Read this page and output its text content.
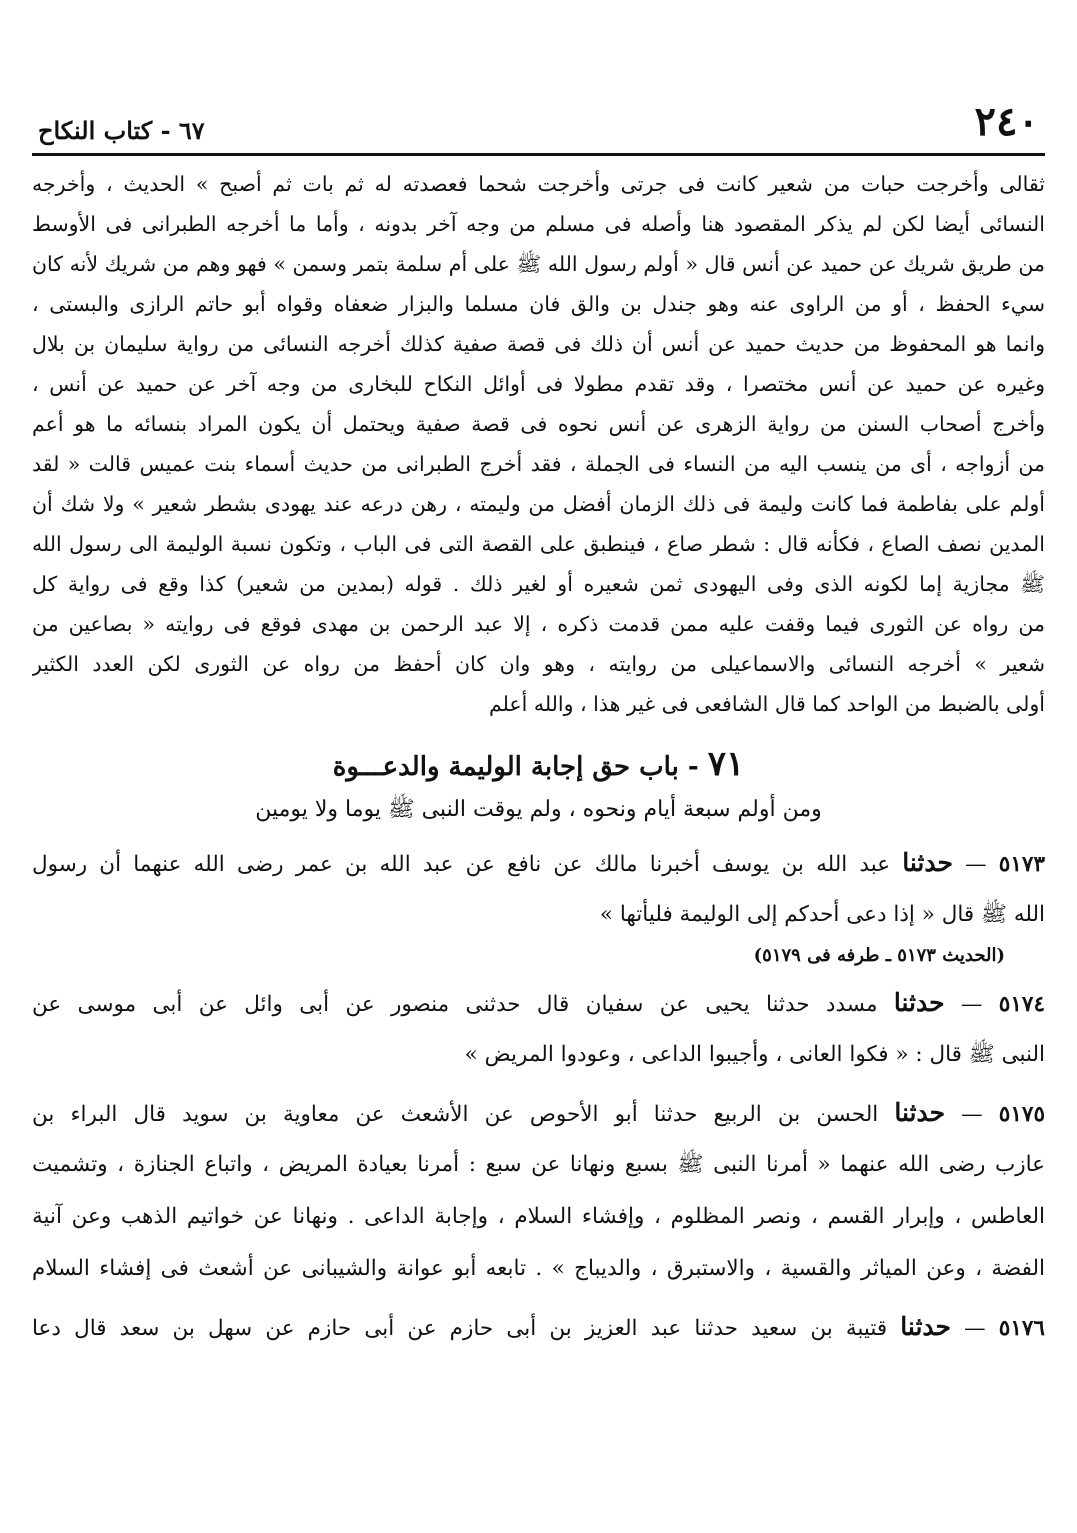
٢٤٠
٦٧ - كتاب النكاح
ثقالى وأخرجت حبات من شعير كانت فى جرتى وأخرجت شحما فعصدته له ثم بات ثم أصبح » الحديث ، وأخرجه
النسائى أيضا لكن لم يذكر المقصود هنا وأصله فى مسلم من وجه آخر بدونه ، وأما ما أخرجه الطبرانى فى الأوسط
من طريق شريك عن حميد عن أنس قال « أولم رسول الله ﷺ على أم سلمة بتمر وسمن » فهو وهم من شريك لأنه كان
سيء الحفظ ، أو من الراوى عنه وهو جندل بن والق فان مسلما والبزار ضعفاه وقواه أبو حاتم الرازى والبستى ،
وانما هو المحفوظ من حديث حميد عن أنس أن ذلك فى قصة صفية كذلك أخرجه النسائى من رواية سليمان بن بلال
وغيره عن حميد عن أنس مختصرا ، وقد تقدم مطولا فى أوائل النكاح للبخارى من وجه آخر عن حميد عن أنس ،
وأخرج أصحاب السنن من رواية الزهرى عن أنس نحوه فى قصة صفية ويحتمل أن يكون المراد بنسائه ما هو أعم
من أزواجه ، أى من ينسب اليه من النساء فى الجملة ، فقد أخرج الطبرانى من حديث أسماء بنت عميس قالت « لقد
أولم على بفاطمة فما كانت وليمة فى ذلك الزمان أفضل من وليمته ، رهن درعه عند يهودى بشطر شعير » ولا شك أن
المدين نصف الصاع ، فكأنه قال : شطر صاع ، فينطبق على القصة التى فى الباب ، وتكون نسبة الوليمة الى رسول الله
ﷺ مجازية إما لكونه الذى وفى اليهودى ثمن شعيره أو لغير ذلك . قوله (بمدين من شعير) كذا وقع فى رواية كل
من رواه عن الثورى فيما وقفت عليه ممن قدمت ذكره ، إلا عبد الرحمن بن مهدى فوقع فى روايته « بصاعين من
شعير » أخرجه النسائى والاسماعيلى من روايته ، وهو وان كان أحفظ من رواه عن الثورى لكن العدد الكثير
أولى بالضبط من الواحد كما قال الشافعى فى غير هذا ، والله أعلم
٧١ - باب حق إجابة الوليمة والدعـــوة
ومن أولم سبعة أيام ونحوه ، ولم يوقت النبى ﷺ يوما ولا يومين
٥١٧٣ — حدثنا عبد الله بن يوسف أخبرنا مالك عن نافع عن عبد الله بن عمر رضى الله عنهما أن رسول
الله ﷺ قال « إذا دعى أحدكم إلى الوليمة فليأتها »
(الحديث ٥١٧٣ ـ طرفه فى ٥١٧٩)
٥١٧٤ — حدثنا مسدد حدثنا يحيى عن سفيان قال حدثنى منصور عن أبى وائل عن أبى موسى عن
النبى ﷺ قال : « فكوا العانى ، وأجيبوا الداعى ، وعودوا المريض »
٥١٧٥ — حدثنا الحسن بن الربيع حدثنا أبو الأحوص عن الأشعث عن معاوية بن سويد قال البراء بن
عازب رضى الله عنهما « أمرنا النبى ﷺ بسبع ونهانا عن سبع : أمرنا بعيادة المريض ، واتباع الجنازة ، وتشميت
العاطس ، وإبرار القسم ، ونصر المظلوم ، وإفشاء السلام ، وإجابة الداعى . ونهانا عن خواتيم الذهب وعن آنية
الفضة ، وعن المياثر والقسية ، والاستبرق ، والديباج » . تابعه أبو عوانة والشيبانى عن أشعث فى إفشاء السلام
٥١٧٦ — حدثنا قتيبة بن سعيد حدثنا عبد العزيز بن أبى حازم عن أبى حازم عن سهل بن سعد قال دعا
